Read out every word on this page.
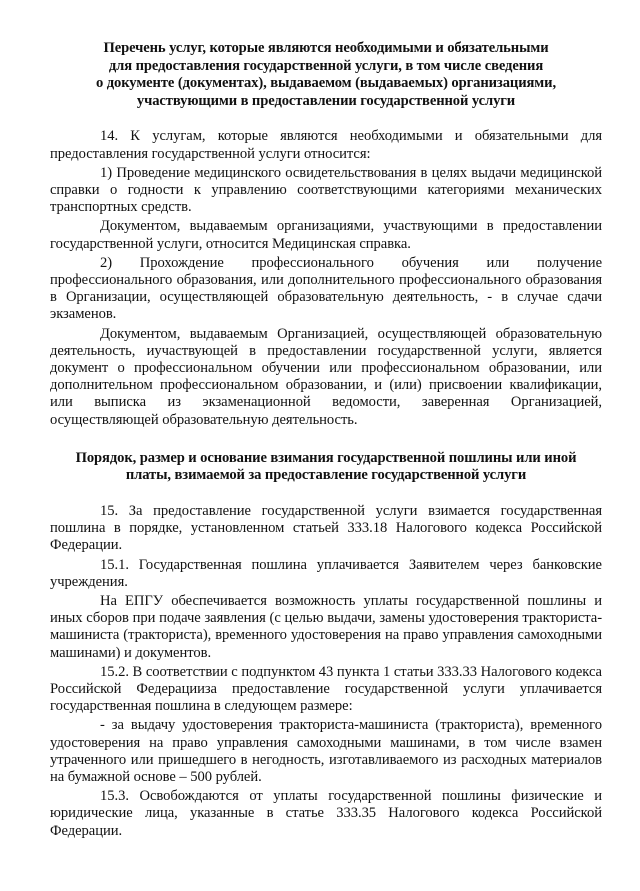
Перечень услуг, которые являются необходимыми и обязательными
для предоставления государственной услуги, в том числе сведения
о документе (документах), выдаваемом (выдаваемых) организациями,
участвующими в предоставлении государственной услуги

14. К услугам, которые являются необходимыми и обязательными для предоставления государственной услуги относится:

1) Проведение медицинского освидетельствования в целях выдачи медицинской справки о годности к управлению соответствующими категориями механических транспортных средств.

Документом, выдаваемым организациями, участвующими в предоставлении государственной услуги, относится Медицинская справка.

2) Прохождение профессионального обучения или получение профессионального образования, или дополнительного профессионального образования в Организации, осуществляющей образовательную деятельность, - в случае сдачи экзаменов.

Документом, выдаваемым Организацией, осуществляющей образовательную деятельность, иучаствующей в предоставлении государственной услуги, является документ о профессиональном обучении или профессиональном образовании, или дополнительном профессиональном образовании, и (или) присвоении квалификации, или выписка из экзаменационной ведомости, заверенная Организацией, осуществляющей образовательную деятельность.

Порядок, размер и основание взимания государственной пошлины или иной
платы, взимаемой за предоставление государственной услуги

15. За предоставление государственной услуги взимается государственная пошлина в порядке, установленном статьей 333.18 Налогового кодекса Российской Федерации.

15.1. Государственная пошлина уплачивается Заявителем через банковские учреждения.

На ЕПГУ обеспечивается возможность уплаты государственной пошлины и иных сборов при подаче заявления (с целью выдачи, замены удостоверения тракториста-машиниста (тракториста), временного удостоверения на право управления самоходными машинами) и документов.

15.2. В соответствии с подпунктом 43 пункта 1 статьи 333.33 Налогового кодекса Российской Федерацииза предоставление государственной услуги уплачивается государственная пошлина в следующем размере:

- за выдачу удостоверения тракториста-машиниста (тракториста), временного удостоверения на право управления самоходными машинами, в том числе взамен утраченного или пришедшего в негодность, изготавливаемого из расходных материалов на бумажной основе – 500 рублей.

15.3. Освобождаются от уплаты государственной пошлины физические и юридические лица, указанные в статье 333.35 Налогового кодекса Российской Федерации.
